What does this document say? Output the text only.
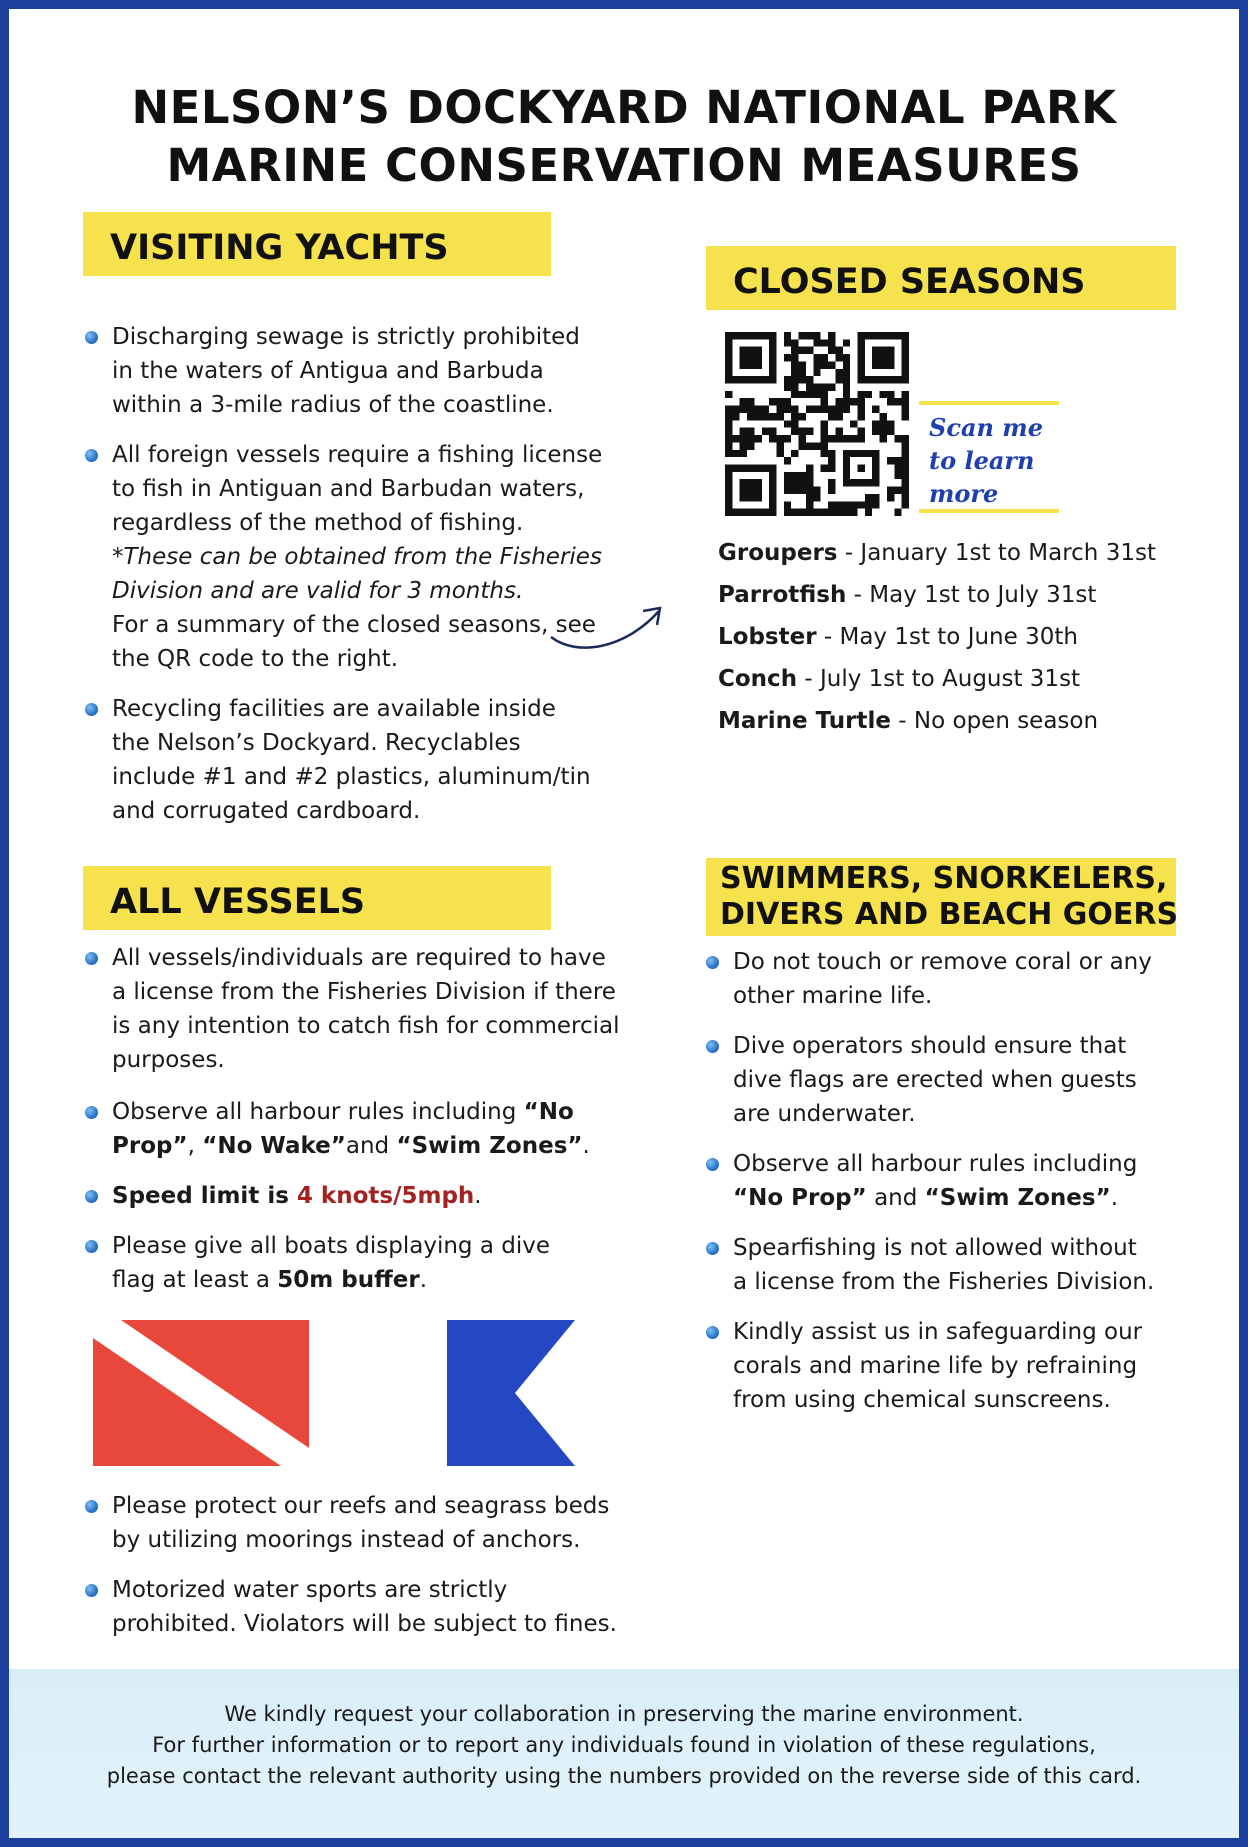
NELSON’S DOCKYARD NATIONAL PARK
MARINE CONSERVATION MEASURES
VISITING YACHTS
Discharging sewage is strictly prohibited
in the waters of Antigua and Barbuda
within a 3-mile radius of the coastline.
All foreign vessels require a fishing license
to fish in Antiguan and Barbudan waters,
regardless of the method of fishing.
*These can be obtained from the Fisheries
Division and are valid for 3 months.
For a summary of the closed seasons, see
the QR code to the right.
Recycling facilities are available inside
the Nelson’s Dockyard. Recyclables
include #1 and #2 plastics, aluminum/tin
and corrugated cardboard.
CLOSED SEASONS
Scan me
to learn
more
Groupers - January 1st to March 31st
Parrotfish - May 1st to July 31st
Lobster - May 1st to June 30th
Conch - July 1st to August 31st
Marine Turtle - No open season
ALL VESSELS
All vessels/individuals are required to have
a license from the Fisheries Division if there
is any intention to catch fish for commercial
purposes.
Observe all harbour rules including “No
Prop”, “No Wake”and “Swim Zones”.
Speed limit is 4 knots/5mph.
Please give all boats displaying a dive
flag at least a 50m buffer.
Please protect our reefs and seagrass beds
by utilizing moorings instead of anchors.
Motorized water sports are strictly
prohibited. Violators will be subject to fines.
SWIMMERS, SNORKELERS,
DIVERS AND BEACH GOERS
Do not touch or remove coral or any
other marine life.
Dive operators should ensure that
dive flags are erected when guests
are underwater.
Observe all harbour rules including
“No Prop” and “Swim Zones”.
Spearfishing is not allowed without
a license from the Fisheries Division.
Kindly assist us in safeguarding our
corals and marine life by refraining
from using chemical sunscreens.
We kindly request your collaboration in preserving the marine environment.
For further information or to report any individuals found in violation of these regulations,
please contact the relevant authority using the numbers provided on the reverse side of this card.
